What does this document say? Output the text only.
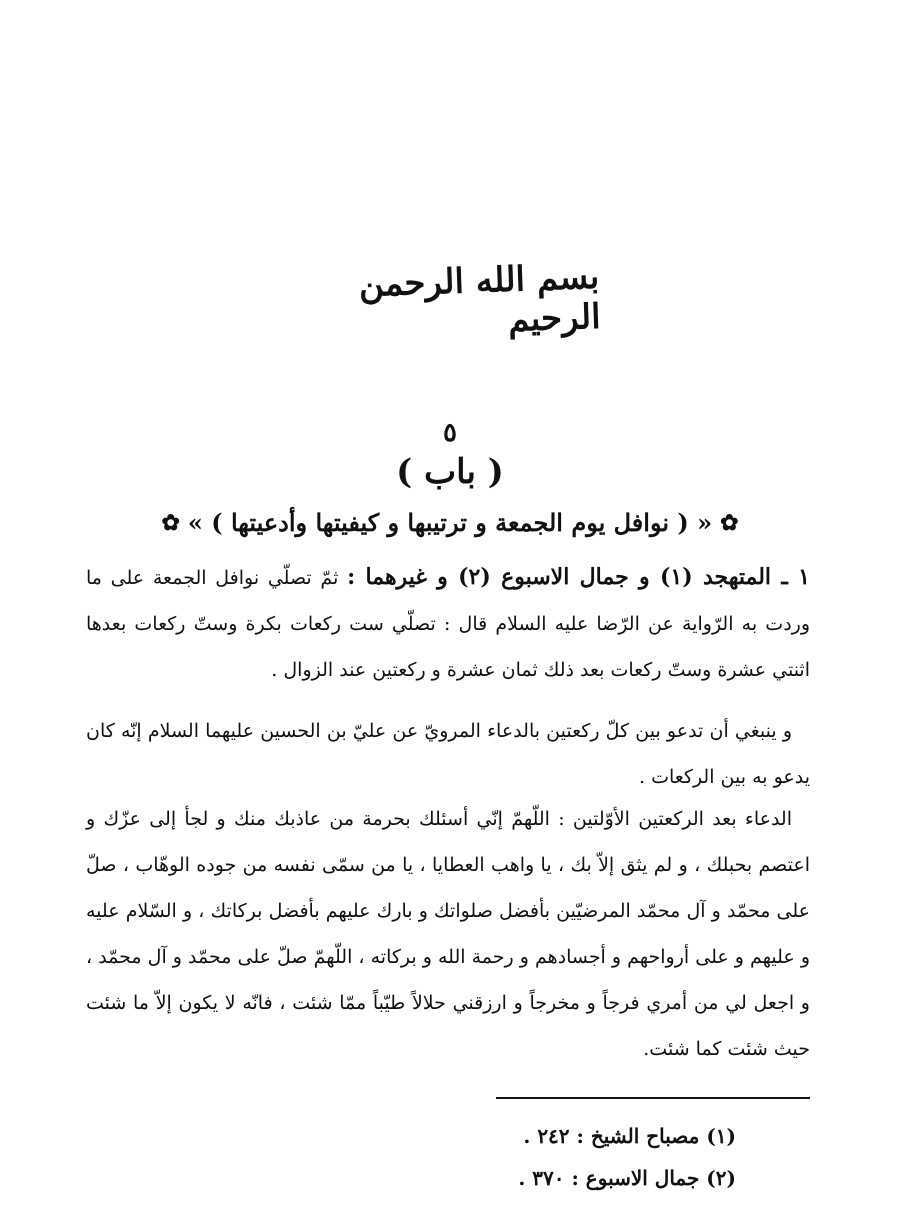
بسم الله الرحمن الرحيم
٥
( باب )
✿
« ( نوافل يوم الجمعة و ترتيبها و كيفيتها وأدعيتها ) »
✿
١ ـ المتهجد (١) و جمال الاسبوع (٢) و غيرهما : ثمّ تصلّي نوافل الجمعة على ما وردت به الرّواية عن الرّضا عليه السلام قال : تصلّي ست ركعات بكرة وستّ ركعات بعدها اثنتي عشرة وستّ ركعات بعد ذلك ثمان عشرة و ركعتين عند الزوال .
و ينبغي أن تدعو بين كلّ ركعتين بالدعاء المرويّ عن عليّ بن الحسين عليهما السلام إنّه كان يدعو به بين الركعات .
الدعاء بعد الركعتين الأوّلتين : اللّهمّ إنّي أسئلك بحرمة من عاذبك منك و لجأ إلى عزّك و اعتصم بحبلك ، و لم يثق إلاّ بك ، يا واهب العطايا ، يا من سمّى نفسه من جوده الوهّاب ، صلّ على محمّد و آل محمّد المرضيّين بأفضل صلواتك و بارك عليهم بأفضل بركاتك ، و السّلام عليه و عليهم و على أرواحهم و أجسادهم و رحمة الله و بركاته ، اللّهمّ صلّ على محمّد و آل محمّد ، و اجعل لي من أمري فرجاً و مخرجاً و ارزقني حلالاً طيّباً ممّا شئت ، فانّه لا يكون إلاّ ما شئت حيث شئت كما شئت.
(١) مصباح الشيخ : ٢٤٢ .
(٢) جمال الاسبوع : ٣٧٠ .
